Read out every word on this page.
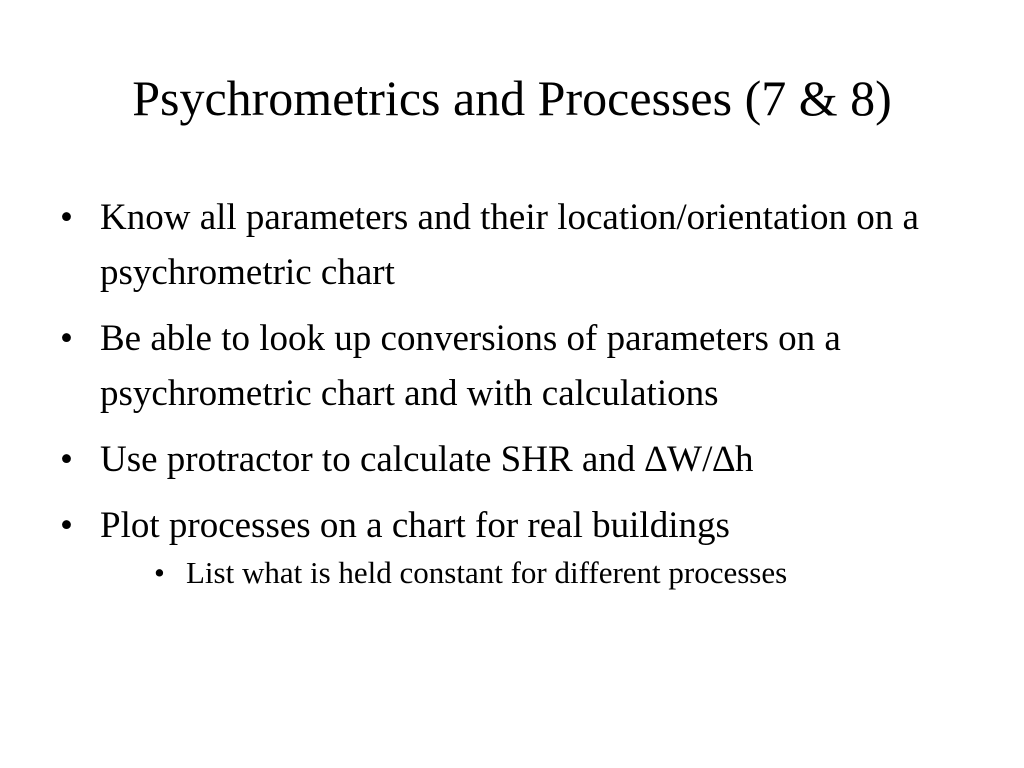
Psychrometrics and Processes (7 & 8)
• Know all parameters and their location/orientation on a psychrometric chart
• Be able to look up conversions of parameters on a psychrometric chart and with calculations
• Use protractor to calculate SHR and ∆W/∆h
• Plot processes on a chart for real buildings
• List what is held constant for different processes
